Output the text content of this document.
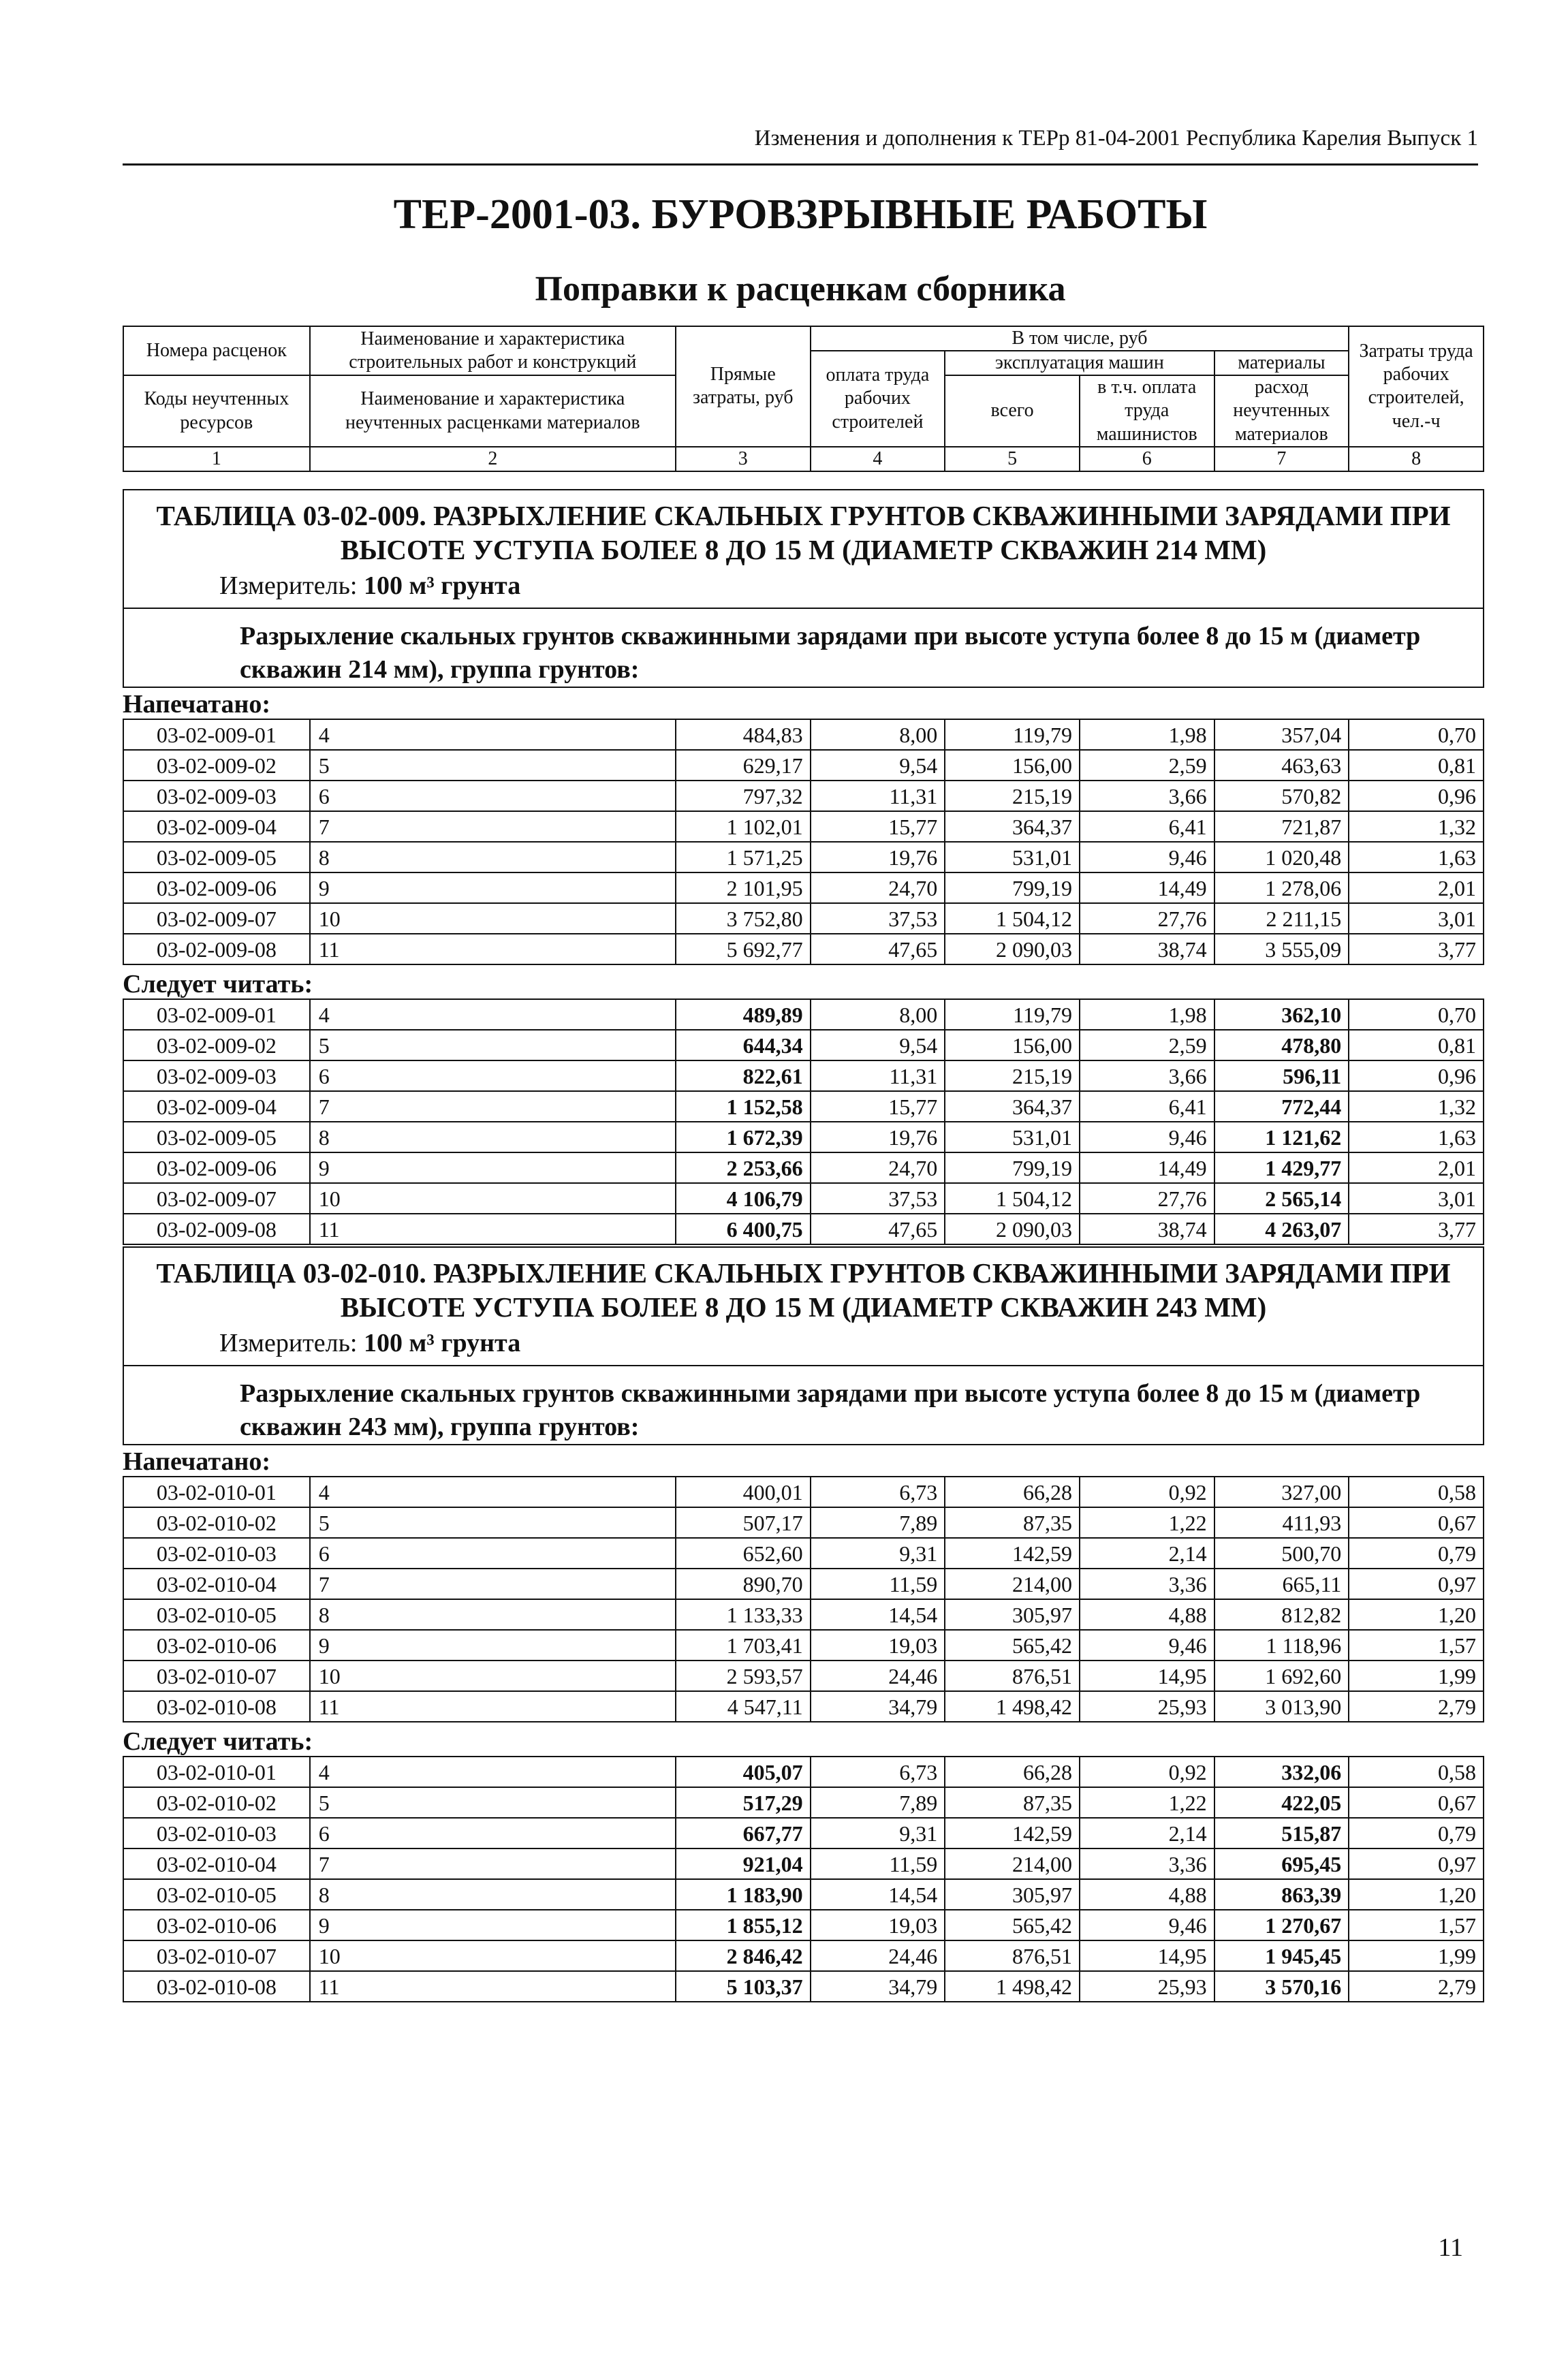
Изменения и дополнения к ТЕРр 81-04-2001 Республика Карелия Выпуск 1
ТЕР-2001-03. БУРОВЗРЫВНЫЕ РАБОТЫ
Поправки к расценкам сборника
Номера расценок	Наименование и характеристика строительных работ и конструкций	Прямые затраты, руб	В том числе, руб				Затраты труда рабочих строителей, чел.-ч
			оплата труда рабочих строителей	эксплуатация машин		материалы	
Коды неучтенных ресурсов	Наименование и характеристика неучтенных расценками материалов			всего	в т.ч. оплата труда машинистов	расход неучтенных материалов	

1	2	3	4	5	6	7	8
ТАБЛИЦА 03-02-009. РАЗРЫХЛЕНИЕ СКАЛЬНЫХ ГРУНТОВ СКВАЖИННЫМИ ЗАРЯДАМИ ПРИ ВЫСОТЕ УСТУПА БОЛЕЕ 8 ДО 15 М (ДИАМЕТР СКВАЖИН 214 ММ)
Измеритель: 100 м³ грунта
Разрыхление скальных грунтов скважинными зарядами при высоте уступа более 8 до 15 м (диаметр скважин 214 мм), группа грунтов:
Напечатано:
03-02-009-01	4	484,83	8,00	119,79	1,98	357,04	0,70
03-02-009-02	5	629,17	9,54	156,00	2,59	463,63	0,81
03-02-009-03	6	797,32	11,31	215,19	3,66	570,82	0,96
03-02-009-04	7	1 102,01	15,77	364,37	6,41	721,87	1,32
03-02-009-05	8	1 571,25	19,76	531,01	9,46	1 020,48	1,63
03-02-009-06	9	2 101,95	24,70	799,19	14,49	1 278,06	2,01
03-02-009-07	10	3 752,80	37,53	1 504,12	27,76	2 211,15	3,01
03-02-009-08	11	5 692,77	47,65	2 090,03	38,74	3 555,09	3,77
Следует читать:
03-02-009-01	4	489,89	8,00	119,79	1,98	362,10	0,70
03-02-009-02	5	644,34	9,54	156,00	2,59	478,80	0,81
03-02-009-03	6	822,61	11,31	215,19	3,66	596,11	0,96
03-02-009-04	7	1 152,58	15,77	364,37	6,41	772,44	1,32
03-02-009-05	8	1 672,39	19,76	531,01	9,46	1 121,62	1,63
03-02-009-06	9	2 253,66	24,70	799,19	14,49	1 429,77	2,01
03-02-009-07	10	4 106,79	37,53	1 504,12	27,76	2 565,14	3,01
03-02-009-08	11	6 400,75	47,65	2 090,03	38,74	4 263,07	3,77
ТАБЛИЦА 03-02-010. РАЗРЫХЛЕНИЕ СКАЛЬНЫХ ГРУНТОВ СКВАЖИННЫМИ ЗАРЯДАМИ ПРИ ВЫСОТЕ УСТУПА БОЛЕЕ 8 ДО 15 М (ДИАМЕТР СКВАЖИН 243 ММ)
Измеритель: 100 м³ грунта
Разрыхление скальных грунтов скважинными зарядами при высоте уступа более 8 до 15 м (диаметр скважин 243 мм), группа грунтов:
Напечатано:
03-02-010-01	4	400,01	6,73	66,28	0,92	327,00	0,58
03-02-010-02	5	507,17	7,89	87,35	1,22	411,93	0,67
03-02-010-03	6	652,60	9,31	142,59	2,14	500,70	0,79
03-02-010-04	7	890,70	11,59	214,00	3,36	665,11	0,97
03-02-010-05	8	1 133,33	14,54	305,97	4,88	812,82	1,20
03-02-010-06	9	1 703,41	19,03	565,42	9,46	1 118,96	1,57
03-02-010-07	10	2 593,57	24,46	876,51	14,95	1 692,60	1,99
03-02-010-08	11	4 547,11	34,79	1 498,42	25,93	3 013,90	2,79
Следует читать:
03-02-010-01	4	405,07	6,73	66,28	0,92	332,06	0,58
03-02-010-02	5	517,29	7,89	87,35	1,22	422,05	0,67
03-02-010-03	6	667,77	9,31	142,59	2,14	515,87	0,79
03-02-010-04	7	921,04	11,59	214,00	3,36	695,45	0,97
03-02-010-05	8	1 183,90	14,54	305,97	4,88	863,39	1,20
03-02-010-06	9	1 855,12	19,03	565,42	9,46	1 270,67	1,57
03-02-010-07	10	2 846,42	24,46	876,51	14,95	1 945,45	1,99
03-02-010-08	11	5 103,37	34,79	1 498,42	25,93	3 570,16	2,79
11
